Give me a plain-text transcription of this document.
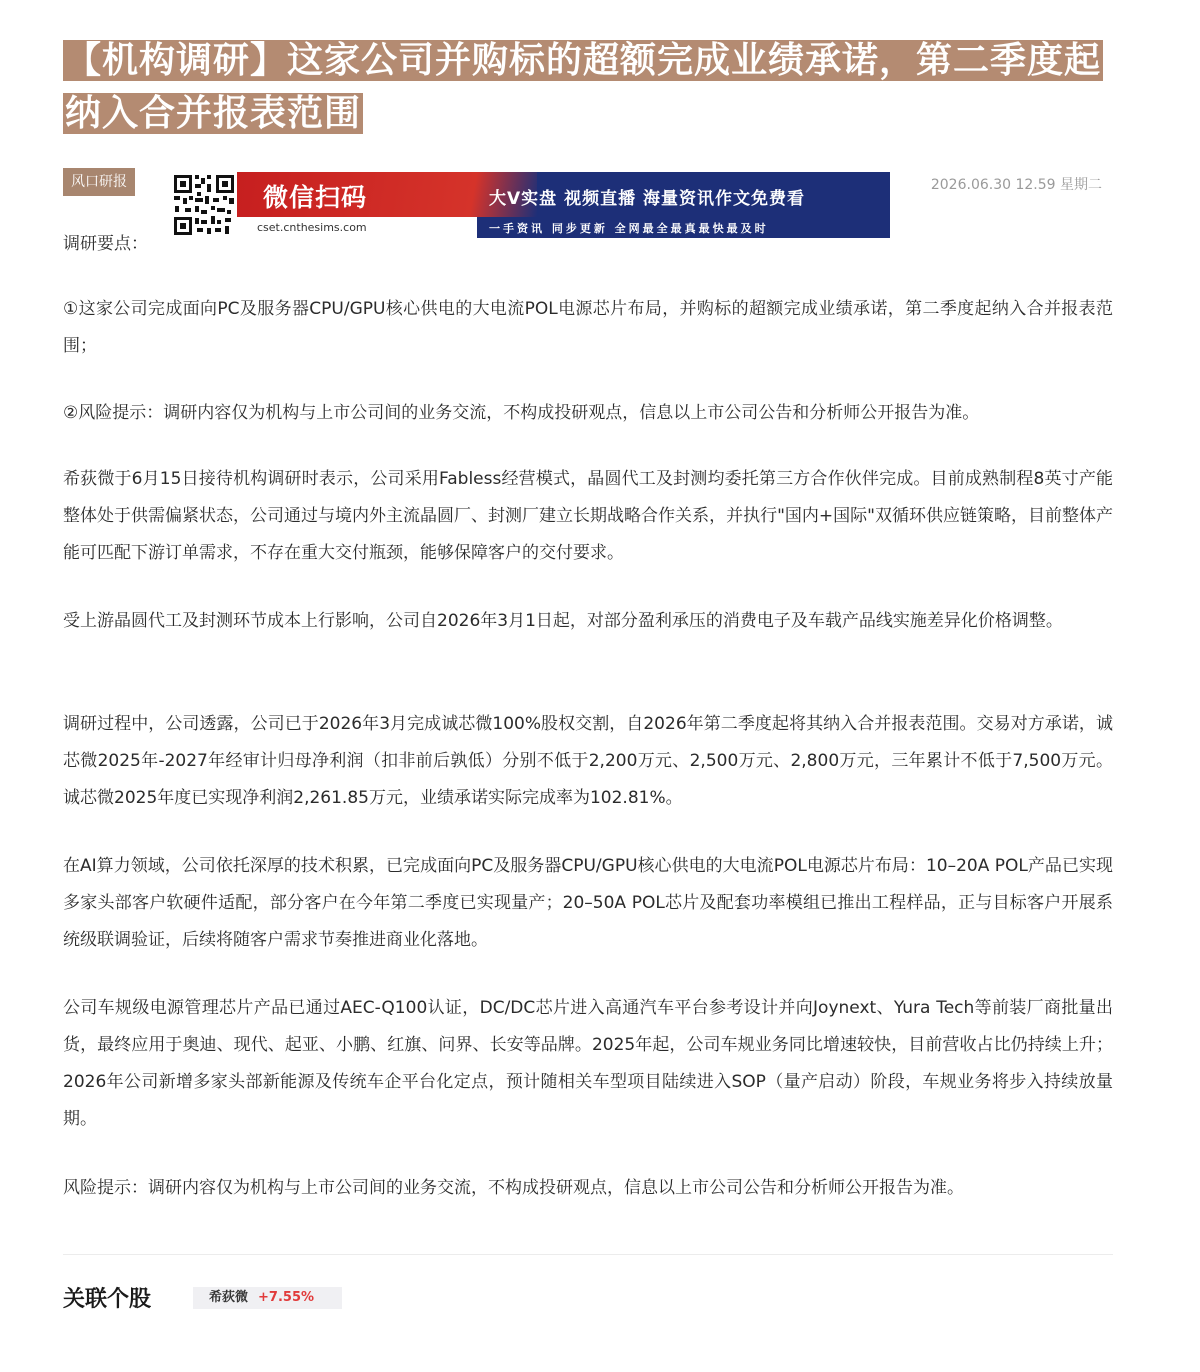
【机构调研】这家公司并购标的超额完成业绩承诺，第二季度起纳入合并报表范围
风口研报
微信扫码
cset.cnthesims.com
大V实盘 视频直播 海量资讯作文免费看
一手资讯 同步更新 全网最全最真最快最及时
2026.06.30 12.59 星期二

调研要点：

①这家公司完成面向PC及服务器CPU/GPU核心供电的大电流POL电源芯片布局，并购标的超额完成业绩承诺，第二季度起纳入合并报表范围；

②风险提示：调研内容仅为机构与上市公司间的业务交流，不构成投研观点，信息以上市公司公告和分析师公开报告为准。

希荻微于6月15日接待机构调研时表示，公司采用Fabless经营模式，晶圆代工及封测均委托第三方合作伙伴完成。目前成熟制程8英寸产能整体处于供需偏紧状态，公司通过与境内外主流晶圆厂、封测厂建立长期战略合作关系，并执行"国内+国际"双循环供应链策略，目前整体产能可匹配下游订单需求，不存在重大交付瓶颈，能够保障客户的交付要求。

受上游晶圆代工及封测环节成本上行影响，公司自2026年3月1日起，对部分盈利承压的消费电子及车载产品线实施差异化价格调整。

调研过程中，公司透露，公司已于2026年3月完成诚芯微100%股权交割，自2026年第二季度起将其纳入合并报表范围。交易对方承诺，诚芯微2025年-2027年经审计归母净利润（扣非前后孰低）分别不低于2,200万元、2,500万元、2,800万元，三年累计不低于7,500万元。诚芯微2025年度已实现净利润2,261.85万元，业绩承诺实际完成率为102.81%。

在AI算力领域，公司依托深厚的技术积累，已完成面向PC及服务器CPU/GPU核心供电的大电流POL电源芯片布局：10–20A POL产品已实现多家头部客户软硬件适配，部分客户在今年第二季度已实现量产；20–50A POL芯片及配套功率模组已推出工程样品，正与目标客户开展系统级联调验证，后续将随客户需求节奏推进商业化落地。

公司车规级电源管理芯片产品已通过AEC-Q100认证，DC/DC芯片进入高通汽车平台参考设计并向Joynext、Yura Tech等前装厂商批量出货，最终应用于奥迪、现代、起亚、小鹏、红旗、问界、长安等品牌。2025年起，公司车规业务同比增速较快，目前营收占比仍持续上升；2026年公司新增多家头部新能源及传统车企平台化定点，预计随相关车型项目陆续进入SOP（量产启动）阶段，车规业务将步入持续放量期。

风险提示：调研内容仅为机构与上市公司间的业务交流，不构成投研观点，信息以上市公司公告和分析师公开报告为准。

关联个股	希荻微 +7.55%
